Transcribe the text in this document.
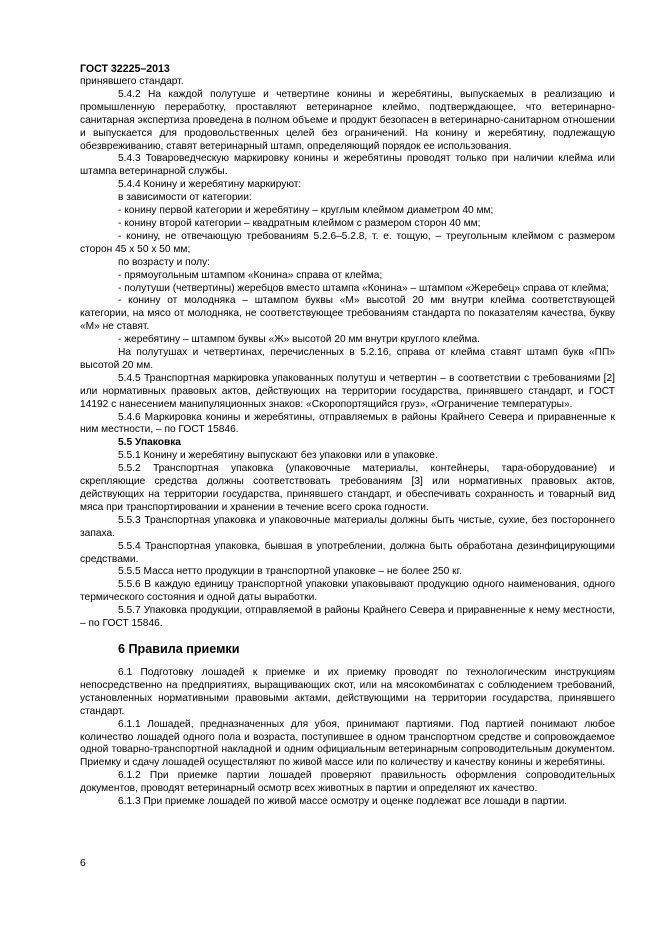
ГОСТ 32225–2013
принявшего стандарт.
5.4.2 На каждой полутуше и четвертине конины и жеребятины, выпускаемых в реализацию и промышленную переработку, проставляют ветеринарное клеймо, подтверждающее, что ветеринарно-санитарная экспертиза проведена в полном объеме и продукт безопасен в ветеринарно-санитарном отношении и выпускается для продовольственных целей без ограничений. На конину и жеребятину, подлежащую обезвреживанию, ставят ветеринарный штамп, определяющий порядок ее использования.
5.4.3 Товароведческую маркировку конины и жеребятины проводят только при наличии клейма или штампа ветеринарной службы.
5.4.4 Конину и жеребятину маркируют:
в зависимости от категории:
- конину первой категории и жеребятину – круглым клеймом диаметром 40 мм;
- конину второй категории – квадратным клеймом с размером сторон 40 мм;
- конину, не отвечающую требованиям 5.2.6–5.2.8, т. е. тощую, – треугольным клеймом с размером сторон 45 х 50 х 50 мм;
по возрасту и полу:
- прямоугольным штампом «Конина» справа от клейма;
- полутуши (четвертины) жеребцов вместо штампа «Конина» – штампом «Жеребец» справа от клейма;
- конину от молодняка – штампом буквы «М» высотой 20 мм внутри клейма соответствующей категории, на мясо от молодняка, не соответствующее требованиям стандарта по показателям качества, букву «М» не ставят.
- жеребятину – штампом буквы «Ж» высотой 20 мм внутри круглого клейма.
На полутушах и четвертинах, перечисленных в 5.2.16, справа от клейма ставят штамп букв «ПП» высотой 20 мм.
5.4.5 Транспортная маркировка упакованных полутуш и четвертин – в соответствии с требованиями [2] или нормативных правовых актов, действующих на территории государства, принявшего стандарт, и ГОСТ 14192 с нанесением манипуляционных знаков: «Скоропортящийся груз», «Ограничение температуры».
5.4.6 Маркировка конины и жеребятины, отправляемых в районы Крайнего Севера и приравненные к ним местности, – по ГОСТ 15846.
5.5 Упаковка
5.5.1 Конину и жеребятину выпускают без упаковки или в упаковке.
5.5.2 Транспортная упаковка (упаковочные материалы, контейнеры, тара-оборудование) и скрепляющие средства должны соответствовать требованиям [3] или нормативных правовых актов, действующих на территории государства, принявшего стандарт, и обеспечивать сохранность и товарный вид мяса при транспортировании и хранении в течение всего срока годности.
5.5.3 Транспортная упаковка и упаковочные материалы должны быть чистые, сухие, без постороннего запаха.
5.5.4 Транспортная упаковка, бывшая в употреблении, должна быть обработана дезинфицирующими средствами.
5.5.5 Масса нетто продукции в транспортной упаковке – не более 250 кг.
5.5.6 В каждую единицу транспортной упаковки упаковывают продукцию одного наименования, одного термического состояния и одной даты выработки.
5.5.7 Упаковка продукции, отправляемой в районы Крайнего Севера и приравненные к нему местности, – по ГОСТ 15846.
6 Правила приемки
6.1 Подготовку лошадей к приемке и их приемку проводят по технологическим инструкциям непосредственно на предприятиях, выращивающих скот, или на мясокомбинатах с соблюдением требований, установленных нормативными правовыми актами, действующими на территории государства, принявшего стандарт.
6.1.1 Лошадей, предназначенных для убоя, принимают партиями. Под партией понимают любое количество лошадей одного пола и возраста, поступившее в одном транспортном средстве и сопровождаемое одной товарно-транспортной накладной и одним официальным ветеринарным сопроводительным документом. Приемку и сдачу лошадей осуществляют по живой массе или по количеству и качеству конины и жеребятины.
6.1.2 При приемке партии лошадей проверяют правильность оформления сопроводительных документов, проводят ветеринарный осмотр всех животных в партии и определяют их качество.
6.1.3 При приемке лошадей по живой массе осмотру и оценке подлежат все лошади в партии.
6
